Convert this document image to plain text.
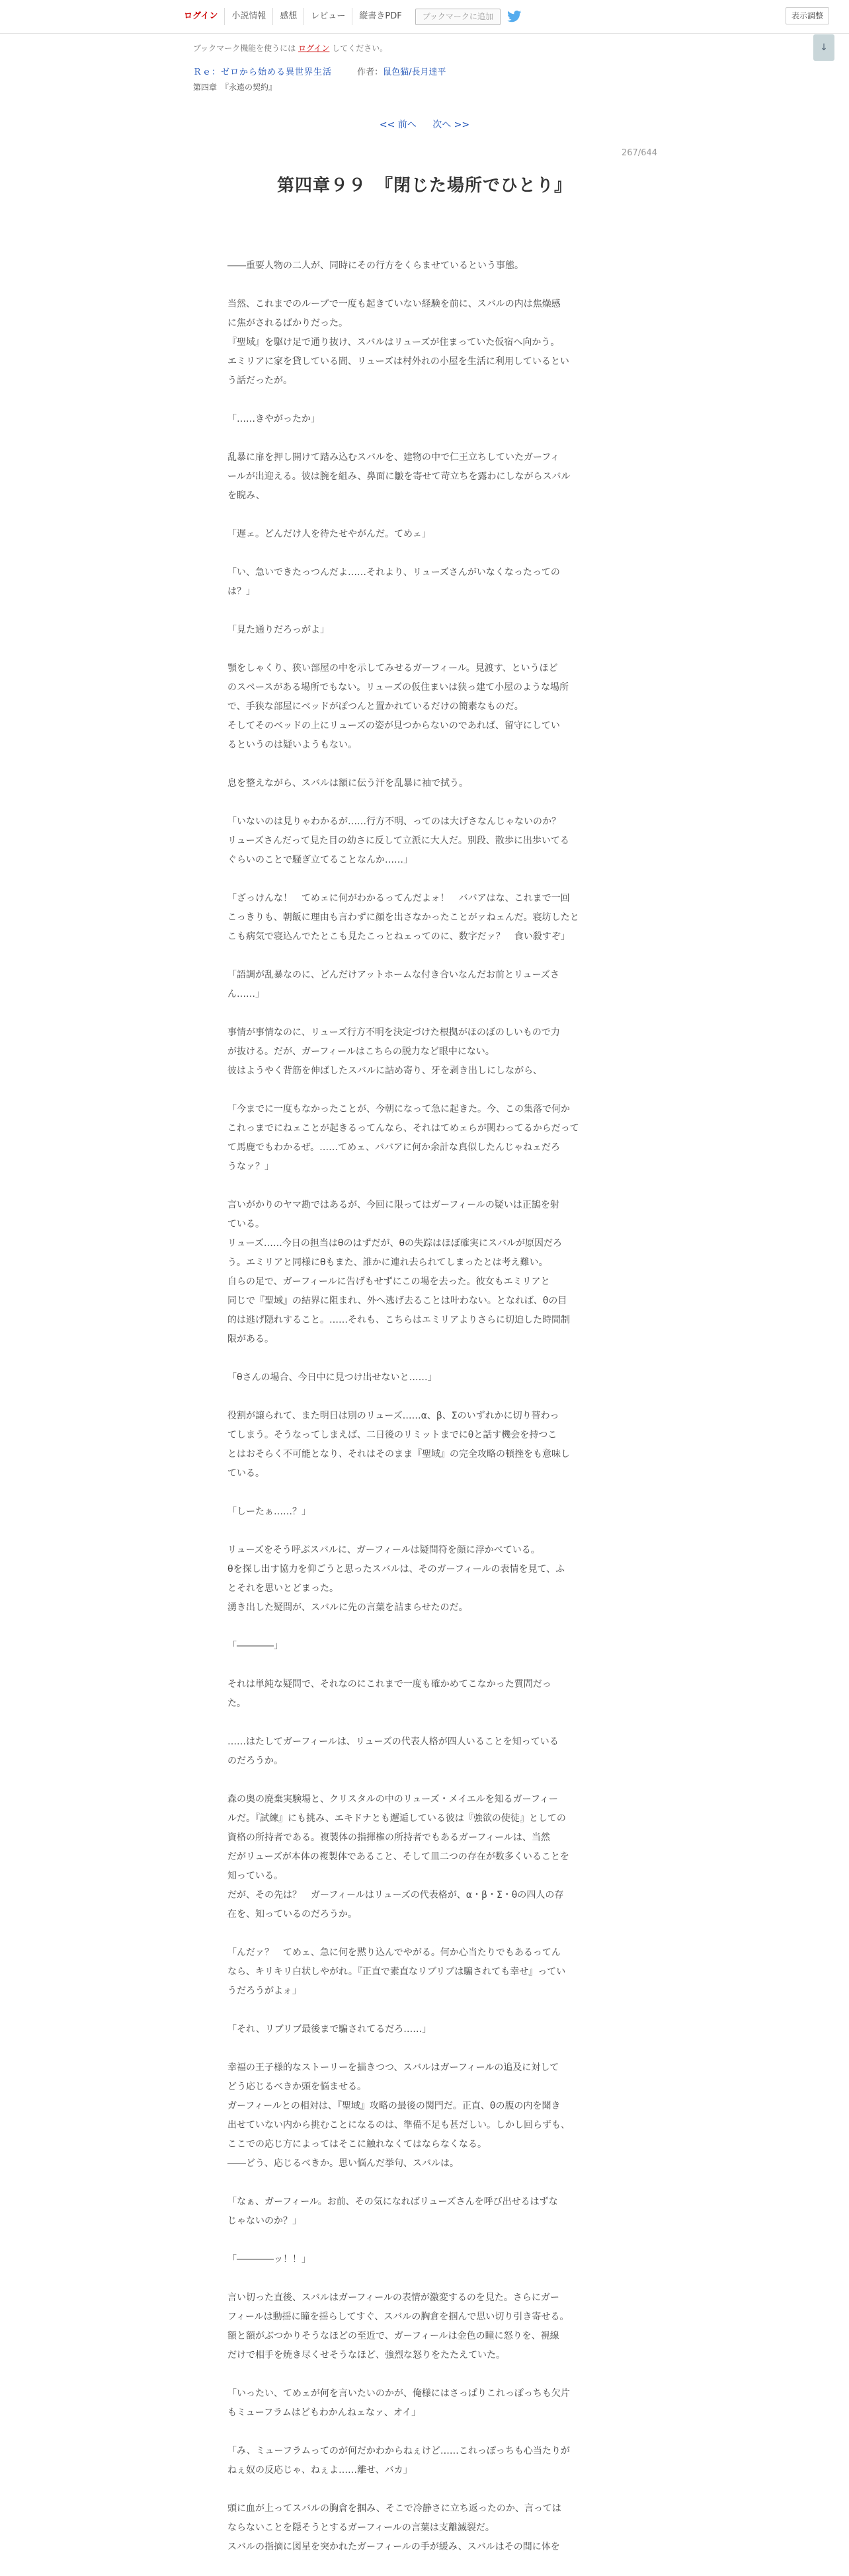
ログイン	小説情報	感想	レビュー	縦書きPDF	ブックマークに追加	表示調整
↓
ブックマーク機能を使うには ログイン してください。
Ｒｅ：ゼロから始める異世界生活	作者：鼠色猫/長月達平
第四章　『永遠の契約』
<< 前へ 次へ >>
267/644
第四章９９　『閉じた場所でひとり』
――重要人物の二人が、同時にその行方をくらませているという事態。
当然、これまでのループで一度も起きていない経験を前に、スバルの内は焦燥感
に焦がされるばかりだった。
『聖域』を駆け足で通り抜け、スバルはリューズが住まっていた仮宿へ向かう。
エミリアに家を貸している間、リューズは村外れの小屋を生活に利用しているとい
う話だったが。
「……きやがったか」
乱暴に扉を押し開けて踏み込むスバルを、建物の中で仁王立ちしていたガーフィ
ールが出迎える。彼は腕を組み、鼻面に皺を寄せて苛立ちを露わにしながらスバル
を睨み、
「遅ェ。どんだけ人を待たせやがんだ。てめェ」
「い、急いできたっつんだよ……それより、リューズさんがいなくなったっての
は？」
「見た通りだろっがよ」
顎をしゃくり、狭い部屋の中を示してみせるガーフィール。見渡す、というほど
のスペースがある場所でもない。リューズの仮住まいは狭っ建て小屋のような場所
で、手狭な部屋にベッドがぽつんと置かれているだけの簡素なものだ。
そしてそのベッドの上にリューズの姿が見つからないのであれば、留守にしてい
るというのは疑いようもない。
息を整えながら、スバルは額に伝う汗を乱暴に袖で拭う。
「いないのは見りゃわかるが……行方不明、ってのは大げさなんじゃないのか？
リューズさんだって見た目の幼さに反して立派に大人だ。別段、散歩に出歩いてる
ぐらいのことで騒ぎ立てることなんか……」
「ざっけんな！　てめェに何がわかるってんだよォ！　ババアはな、これまで一回
こっきりも、朝飯に理由も言わずに顔を出さなかったことがァねェんだ。寝坊したと
こも病気で寝込んでたとこも見たこっとねェってのに、数字だァ？　食い殺すぞ」
「語調が乱暴なのに、どんだけアットホームな付き合いなんだお前とリューズさ
ん……」
事情が事情なのに、リューズ行方不明を決定づけた根拠がほのぼのしいもので力
が抜ける。だが、ガーフィールはこちらの脱力など眼中にない。
彼はようやく背筋を伸ばしたスバルに詰め寄り、牙を剥き出しにしながら、
「今までに一度もなかったことが、今朝になって急に起きた。今、この集落で何か
これっまでにねェことが起きるってんなら、それはてめェらが関わってるからだって
て馬鹿でもわかるぜ。……てめェ、ババアに何か余計な真似したんじゃねェだろ
うなァ？」
言いがかりのヤマ勘ではあるが、今回に限ってはガーフィールの疑いは正鵠を射
ている。
リューズ……今日の担当はθのはずだが、θの失踪はほぼ確実にスバルが原因だろ
う。エミリアと同様にθもまた、誰かに連れ去られてしまったとは考え難い。
自らの足で、ガーフィールに告げもせずにこの場を去った。彼女もエミリアと
同じで『聖域』の結界に阻まれ、外へ逃げ去ることは叶わない。となれば、θの目
的は逃げ隠れすること。……それも、こちらはエミリアよりさらに切迫した時間制
限がある。
「θさんの場合、今日中に見つけ出せないと……」
役割が譲られて、また明日は別のリューズ……α、β、Σのいずれかに切り替わっ
てしまう。そうなってしまえば、二日後のリミットまでにθと話す機会を持つこ
とはおそらく不可能となり、それはそのまま『聖域』の完全攻略の頓挫をも意味し
ている。
「しーたぁ……？」
リューズをそう呼ぶスバルに、ガーフィールは疑問符を顔に浮かべている。
θを探し出す協力を仰ごうと思ったスバルは、そのガーフィールの表情を見て、ふ
とそれを思いとどまった。
湧き出した疑問が、スバルに先の言葉を詰まらせたのだ。
「――――」
それは単純な疑問で、それなのにこれまで一度も確かめてこなかった質問だっ
た。
……はたしてガーフィールは、リューズの代表人格が四人いることを知っている
のだろうか。
森の奥の廃棄実験場と、クリスタルの中のリューズ・メイエルを知るガーフィー
ルだ。『試練』にも挑み、エキドナとも邂逅している彼は『強欲の使徒』としての
資格の所持者である。複製体の指揮権の所持者でもあるガーフィールは、当然
だがリューズが本体の複製体であること、そして皿二つの存在が数多くいることを
知っている。
だが、その先は？　ガーフィールはリューズの代表格が、α・β・Σ・θの四人の存
在を、知っているのだろうか。
「んだァ？　てめェ、急に何を黙り込んでやがる。何か心当たりでもあるってん
なら、キリキリ白状しやがれ。『正直で素直なリブリブは騙されても幸せ』ってい
うだろうがよォ」
「それ、リブリブ最後まで騙されてるだろ……」
幸福の王子様的なストーリーを描きつつ、スバルはガーフィールの追及に対して
どう応じるべきか頭を悩ませる。
ガーフィールとの相対は、『聖域』攻略の最後の関門だ。正直、θの腹の内を聞き
出せていない内から挑むことになるのは、準備不足も甚だしい。しかし回らずも、
ここでの応じ方によってはそこに触れなくてはならなくなる。
――どう、応じるべきか。思い悩んだ挙句、スバルは。
「なぁ、ガーフィール。お前、その気になればリューズさんを呼び出せるはずな
じゃないのか？」
「――――ッ！！」
言い切った直後、スバルはガーフィールの表情が激変するのを見た。さらにガー
フィールは動揺に瞳を揺らしてすぐ、スバルの胸倉を掴んで思い切り引き寄せる。
額と額がぶつかりそうなほどの至近で、ガーフィールは金色の瞳に怒りを、視線
だけで相手を焼き尽くせそうなほど、強烈な怒りをたたえていた。
「いったい、てめェが何を言いたいのかが、俺様にはさっぱりこれっぽっちも欠片
もミューフラムはどもわかんねェなァ、オイ」
「み、ミューフラムってのが何だかわからねぇけど……これっぽっちも心当たりが
ねぇ奴の反応じゃ、ねぇよ……離せ、バカ」
頭に血が上ってスバルの胸倉を掴み、そこで冷静さに立ち返ったのか、言っては
ならないことを隠そうとするガーフィールの言葉は支離滅裂だ。
スバルの指摘に図星を突かれたガーフィールの手が緩み、スバルはその間に体を
